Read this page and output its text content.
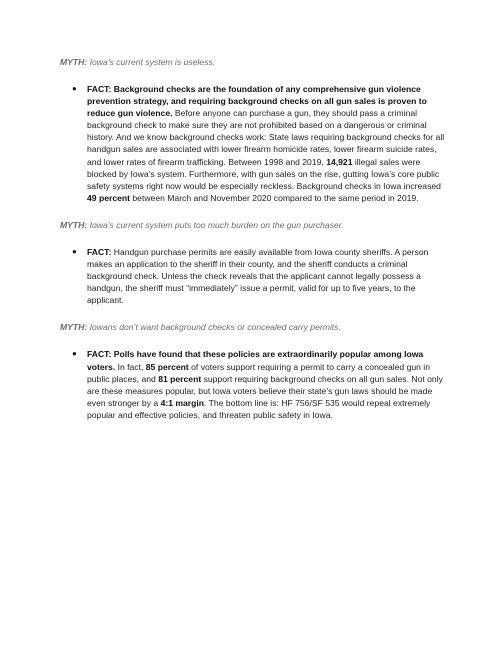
MYTH: Iowa’s current system is useless.

● FACT: Background checks are the foundation of any comprehensive gun violence prevention strategy, and requiring background checks on all gun sales is proven to reduce gun violence. Before anyone can purchase a gun, they should pass a criminal background check to make sure they are not prohibited based on a dangerous or criminal history. And we know background checks work: State laws requiring background checks for all handgun sales are associated with lower firearm homicide rates, lower firearm suicide rates, and lower rates of firearm trafficking. Between 1998 and 2019, 14,921 illegal sales were blocked by Iowa’s system. Furthermore, with gun sales on the rise, gutting Iowa’s core public safety systems right now would be especially reckless. Background checks in Iowa increased 49 percent between March and November 2020 compared to the same period in 2019.

MYTH: Iowa’s current system puts too much burden on the gun purchaser.

● FACT: Handgun purchase permits are easily available from Iowa county sheriffs. A person makes an application to the sheriff in their county, and the sheriff conducts a criminal background check. Unless the check reveals that the applicant cannot legally possess a handgun, the sheriff must “immediately” issue a permit, valid for up to five years, to the applicant.

MYTH: Iowans don’t want background checks or concealed carry permits.

● FACT: Polls have found that these policies are extraordinarily popular among Iowa voters. In fact, 85 percent of voters support requiring a permit to carry a concealed gun in public places, and 81 percent support requiring background checks on all gun sales. Not only are these measures popular, but Iowa voters believe their state’s gun laws should be made even stronger by a 4:1 margin. The bottom line is: HF 756/SF 535 would repeal extremely popular and effective policies, and threaten public safety in Iowa.
